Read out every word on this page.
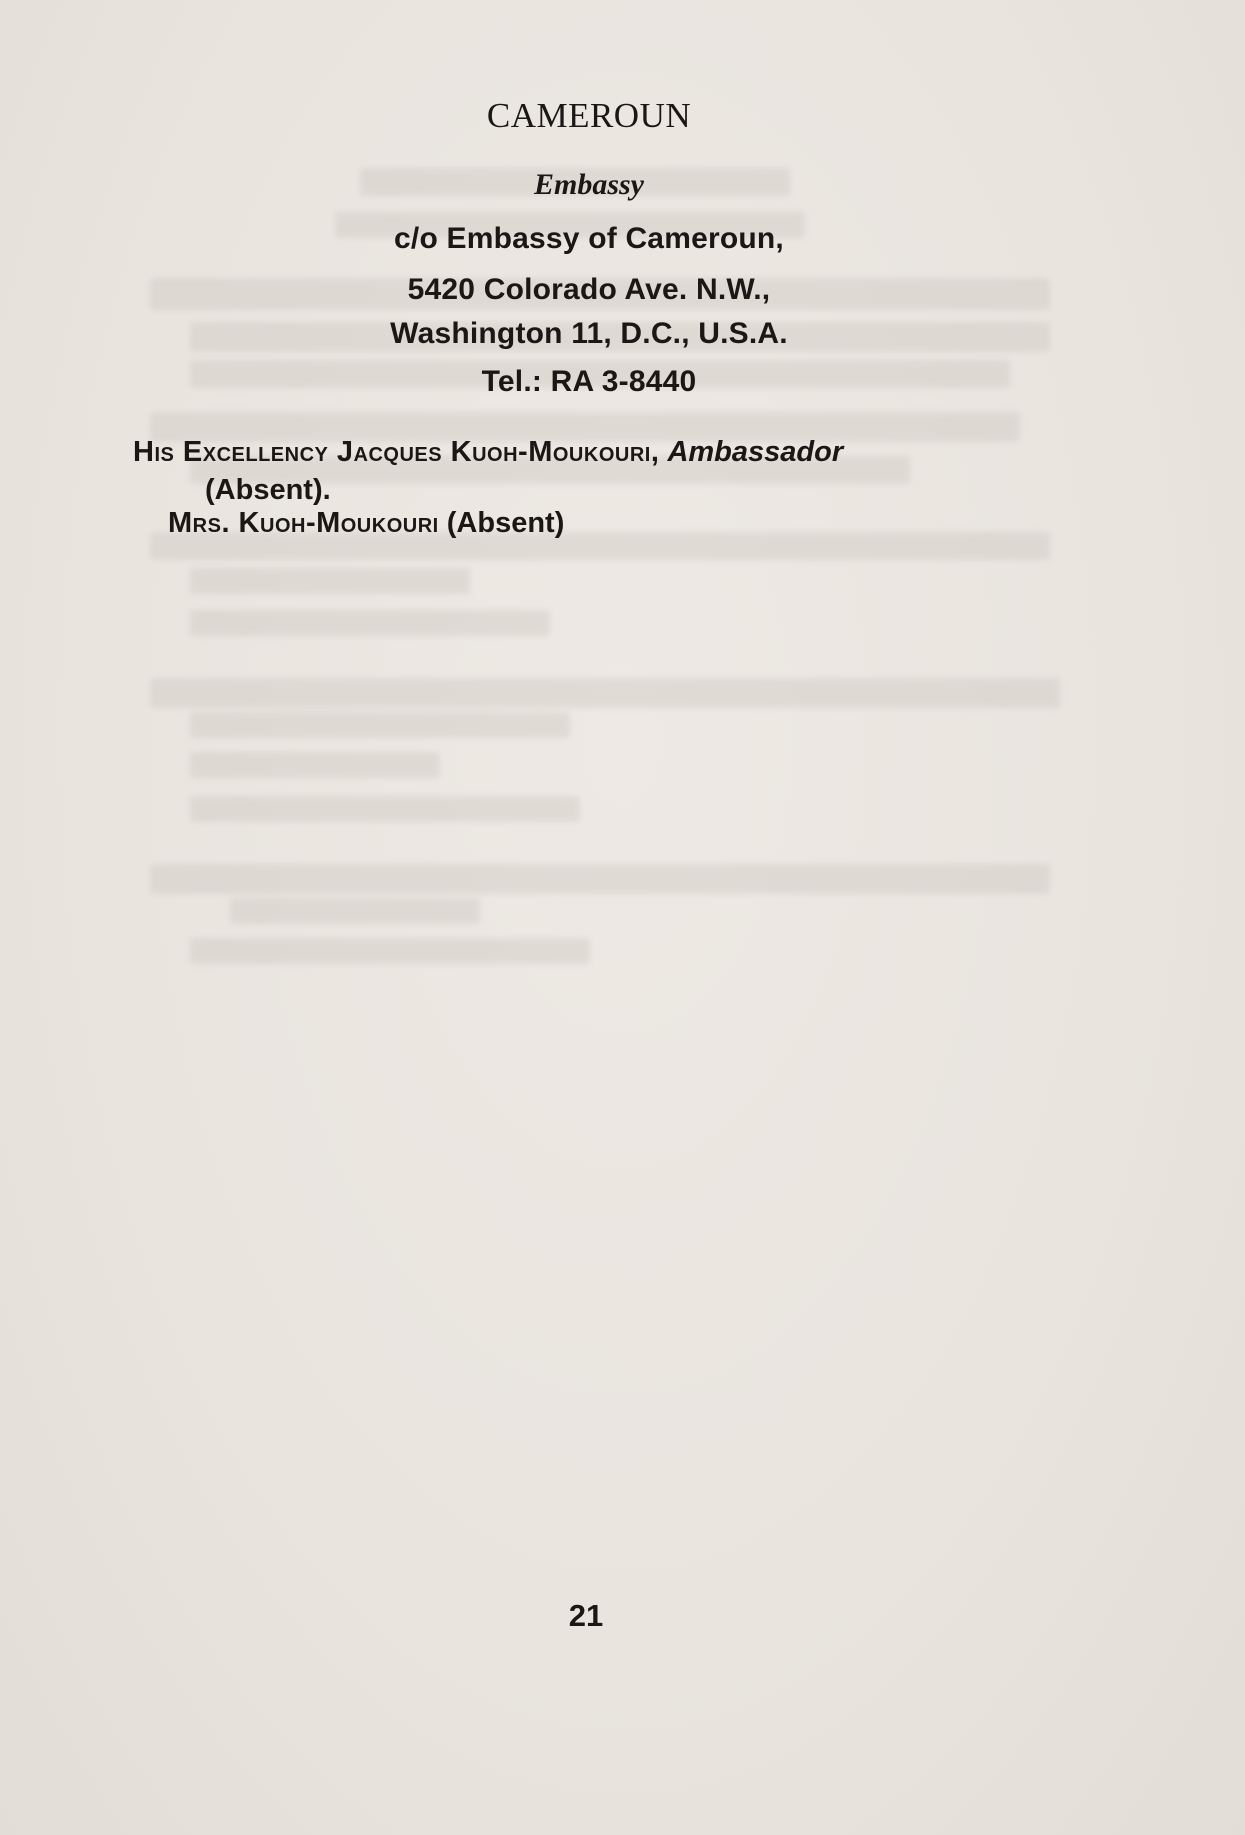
CAMEROUN
Embassy
c/o Embassy of Cameroun,
5420 Colorado Ave. N.W.,
Washington 11, D.C., U.S.A.
Tel.: RA 3-8440
His Excellency Jacques Kuoh-Moukouri, Ambassador
(Absent).
Mrs. Kuoh-Moukouri (Absent)
21
